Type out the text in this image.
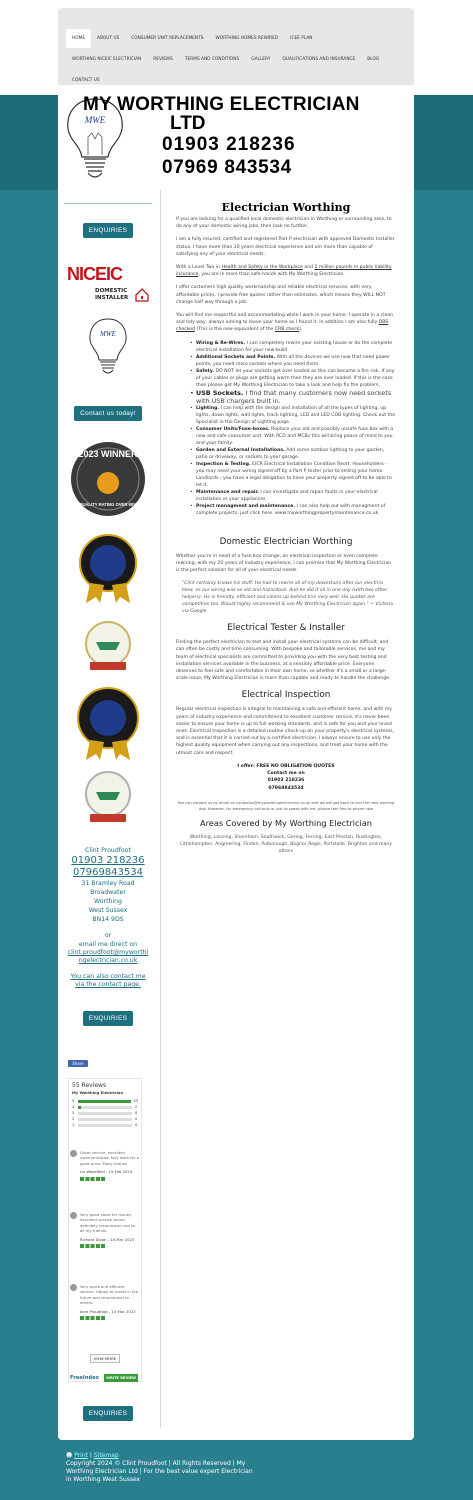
HOME	ABOUT US	CONSUMER UNIT REPLACEMENTS	WORTHING HOMES REWIRED	ICEE PLAN
WORTHING NICEIC ELECTRICIAN	REVIEWS	TERMS AND CONDITIONS	GALLERY	QUALIFICATIONS AND INSURANCE	BLOG
CONTACT US
MWE
MY WORTHING ELECTRICIAN
LTD
01903 218236
07969 843534
ENQUIRIES
NICEIC
DOMESTIC INSTALLER
MWE
Contact us today!
2023 WINNER
QUALITY RATING OVER 90%
Clint Proudfoot
01903 218236
07969843534
31 Bramley Road
Broadwater
Worthing
West Sussex
BN14 9DS
or
email me direct on
clint.proudfoot@myworthingelectrician.co.uk
You can also contact me via the contact page.
ENQUIRIES
Share
55 Reviews
My Worthing Electrician
5	53
4	2
3	0
2	0
1	0
Great service, excellent communication fully work for a good price. Many thanks
Liz Wakefield - 15 Feb 2024
Very good value for money excellent service would definitely recommend you to all my friends.
Richard Dixon - 16 Mar 2023
Very quick and efficient service. Happy to invest in the future and recommend to others.
Jane Proudfoot - 13 Mar 2023
VIEW MORE
FreeIndex	WRITE REVIEW
ENQUIRIES
Electrician Worthing

If you are looking for a qualified local domestic electrician in Worthing or surrounding area, to do any of your domestic wiring jobs, then look no further.

I am a fully insured, certified and registered Part P electrician with approved Domestic Installer status. I have more than 20 years electrical experience and am more than capable of satisfying any of your electrical needs.

With a Level Two in Health and Safety in the Workplace and 2 million pounds in public liability insurance, you are in more than safe hands with My Worthing Electrician.

I offer customers high quality workmanship and reliable electrical services, with very affordable prices. I provide free quotes rather than estimates, which means they WILL NOT change half way through a job.

You will find me respectful and accommodating while I work in your home. I operate in a clean and tidy way, always aiming to leave your home as I found it. In addition I am also fully DBS checked (This is the new equivalent of the CRB check).

• Wiring & Re-Wires. I can completely rewire your existing house or do the complete electrical installation for your new-build.
• Additional Sockets and Points. With all the devices we use now that need power points, you need more sockets where you need them.
• Safety. DO NOT let your sockets get over loaded as this can become a fire risk. If any of your cables or plugs are getting warm then they are over loaded. If this is the case then please get My Worthing Electrician to take a look and help fix the problem.
• USB Sockets. I find that many customers now need sockets with USB chargers built in.
• Lighting. I can help with the design and installation of all the types of lighting; up lights, down lights, wall lights, track lighting, LED and LED COB lighting. Check out the Specialist in the Design of Lighting page.
• Consumer Units/Fuse-boxes. Replace your old and possibly unsafe fuse box with a new and safe consumer unit. With RCD and MCBs this will bring peace of mind to you and your family.
• Garden and External Installations. Add some outdoor lighting to your garden, patio or driveway, or sockets to your garage.
• Inspection & Testing. EICR Electrical Installation Condition Reort. Householders - you may need your wiring signed off by a Part P tester prior to selling your home. Landlords - you have a legal obligation to have your property signed off to be able to let it.
• Maintenance and repair. I can investigate and repair faults in your electrical installation or your appliances.
• Project managment and maintenance. I can also help out with managment of complete projects. just click here. www.myworthingpropertymaintenance.co.uk
Domestic Electrician Worthing

Whether you're in need of a fuse box change, an electrical inspection or even complete rewiring, with my 20 years of industry experience, I can promise that My Worthing Electrician is the perfect solution for all of your electrical needs.

"Clint certainly knows his stuff. He had to rewire all of my downstairs after our electrics blew, as our wiring was so old and hazardous. And he did it all in one day (with two other helpers). He is friendly, efficient and cleans up behind him very well. His quotes are competitive too. Would highly recommend & use My Worthing Electrician again." ~ Victoria via Google

Electrical Tester & Installer

Finding the perfect electrician to test and install your electrical systems can be difficult, and can often be costly and time consuming. With bespoke and tailorable services, me and my team of electrical specialists are committed to providing you with the very best testing and installation services available in the business, at a sensibly affordable price. Everyone deserves to feel safe and comfortable in their own home, so whether it's a small or a large-scale issue, My Worthing Electrician is more than capable and ready to handle the challenge.

Electrical Inspection

Regular electrical inspection is integral to maintaining a safe and efficient home, and with my years of industry experience and commitment to excellent customer service, it's never been easier to ensure your home is up to full working standards, and is safe for you and your loved ones. Electrical Inspection is a detailed routine check-up on your property's electrical systems, and is essential that it is carried out by a certified electrician. I always ensure to use only the highest quality equipment when carrying out any inspections, and treat your home with the utmost care and respect.

I offer: FREE NO OBLIGATION QUOTES
Contact me on
01903 218236
07969843534
You can contact us by email on contactus@myworthingelectrician.co.uk and we will get back to you the next working day. However, for emergency call outs or just to speak with me, please feel free to phone now
Areas Covered by My Worthing Electrician

Worthing, Lancing, Shoreham, Southwick, Goring, Ferring, East Preston, Rustington, Littlehampton, Angmering, Findon, Pulborough, Bognor Regis, Portslade, Brighton and many others

☻ Print | Sitemap
Copyright 2024 © Clint Proudfoot | All Rights Reserved | My Worthing Electrician Ltd | For the best value expert Electrician in Worthing West Sussex
